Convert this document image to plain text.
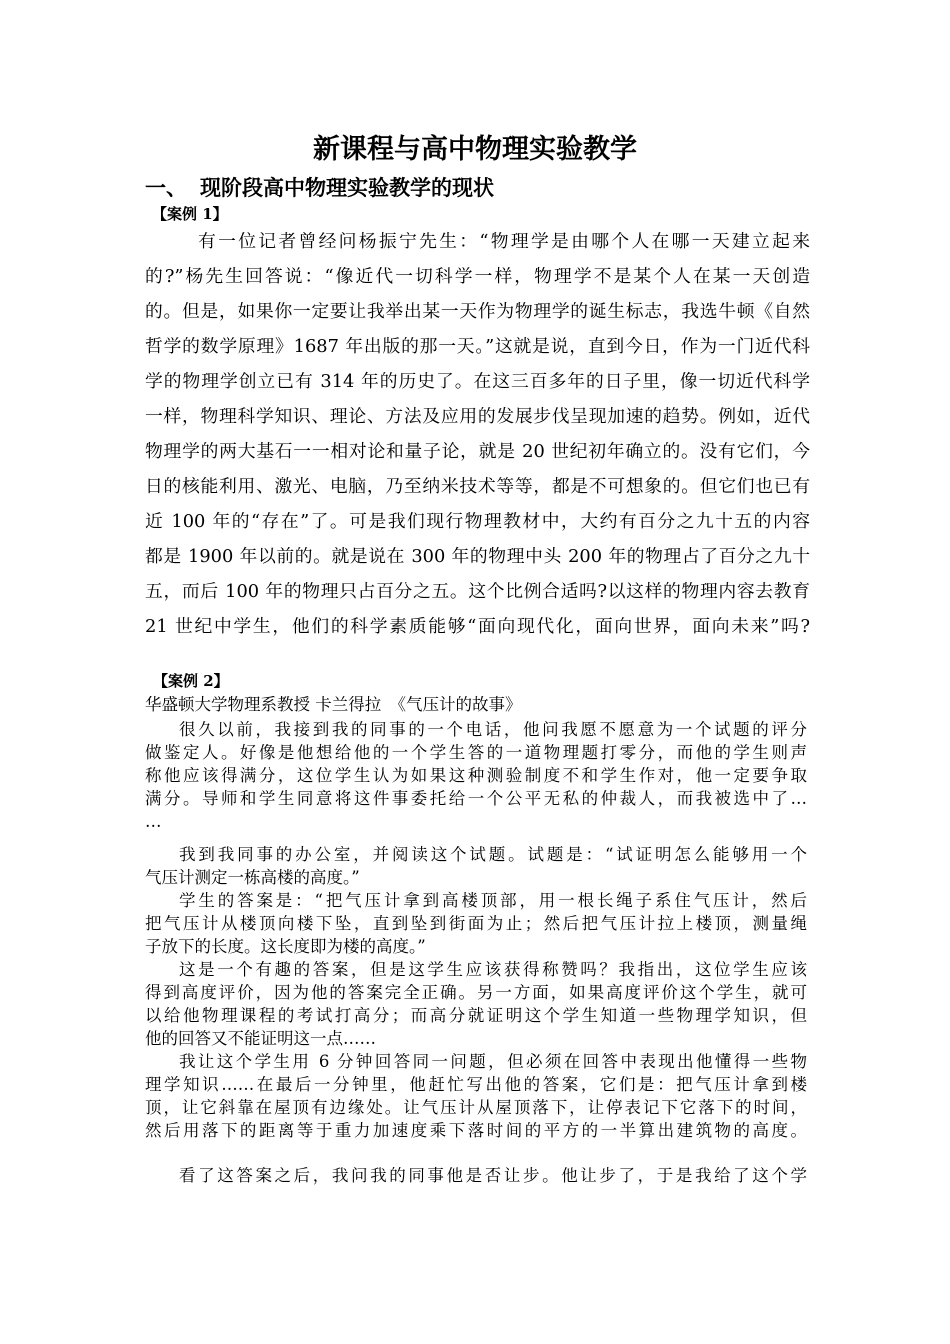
新课程与高中物理实验教学
一、 现阶段高中物理实验教学的现状
【案例 1】
有一位记者曾经问杨振宁先生：“物理学是由哪个人在哪一天建立起来
的?”杨先生回答说：“像近代一切科学一样，物理学不是某个人在某一天创造
的。但是，如果你一定要让我举出某一天作为物理学的诞生标志，我选牛顿《自然
哲学的数学原理》1687 年出版的那一天。”这就是说，直到今日，作为一门近代科
学的物理学创立已有 314 年的历史了。在这三百多年的日子里，像一切近代科学
一样，物理科学知识、理论、方法及应用的发展步伐呈现加速的趋势。例如，近代
物理学的两大基石一一相对论和量子论，就是 20 世纪初年确立的。没有它们，今
日的核能利用、激光、电脑，乃至纳米技术等等，都是不可想象的。但它们也已有
近 100 年的“存在”了。可是我们现行物理教材中，大约有百分之九十五的内容
都是 1900 年以前的。就是说在 300 年的物理中头 200 年的物理占了百分之九十
五，而后 100 年的物理只占百分之五。这个比例合适吗?以这样的物理内容去教育
21 世纪中学生，他们的科学素质能够“面向现代化，面向世界，面向未来”吗?
【案例 2】
华盛顿大学物理系教授 卡兰得拉　《气压计的故事》
很久以前，我接到我的同事的一个电话，他问我愿不愿意为一个试题的评分
做鉴定人。好像是他想给他的一个学生答的一道物理题打零分，而他的学生则声
称他应该得满分，这位学生认为如果这种测验制度不和学生作对，他一定要争取
满分。导师和学生同意将这件事委托给一个公平无私的仲裁人，而我被选中了…
…
我到我同事的办公室，并阅读这个试题。试题是：“试证明怎么能够用一个
气压计测定一栋高楼的高度。”
学生的答案是：“把气压计拿到高楼顶部，用一根长绳子系住气压计，然后
把气压计从楼顶向楼下坠，直到坠到街面为止；然后把气压计拉上楼顶，测量绳
子放下的长度。这长度即为楼的高度。”
这是一个有趣的答案，但是这学生应该获得称赞吗？我指出，这位学生应该
得到高度评价，因为他的答案完全正确。另一方面，如果高度评价这个学生，就可
以给他物理课程的考试打高分；而高分就证明这个学生知道一些物理学知识，但
他的回答又不能证明这一点……
我让这个学生用 6 分钟回答同一问题，但必须在回答中表现出他懂得一些物
理学知识……在最后一分钟里，他赶忙写出他的答案，它们是：把气压计拿到楼
顶，让它斜靠在屋顶有边缘处。让气压计从屋顶落下，让停表记下它落下的时间，
然后用落下的距离等于重力加速度乘下落时间的平方的一半算出建筑物的高度。
看了这答案之后，我问我的同事他是否让步。他让步了，于是我给了这个学
